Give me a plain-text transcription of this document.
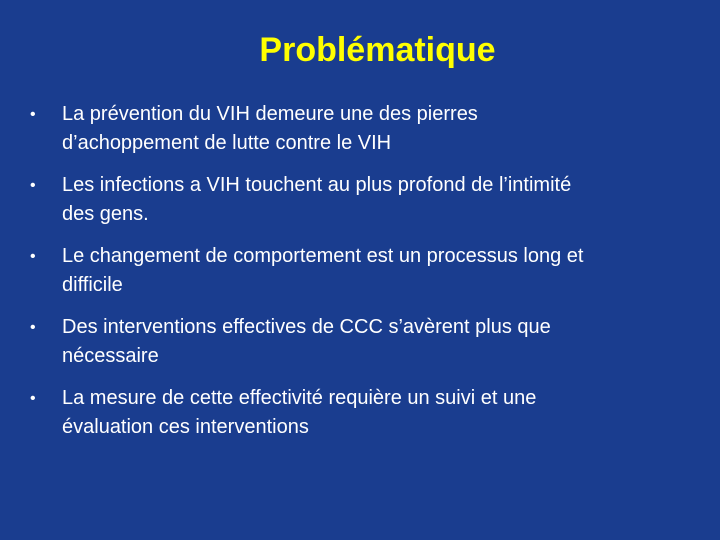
Problématique
• La prévention du VIH demeure une des pierres
d’achoppement de lutte contre le VIH
• Les infections a VIH touchent au plus profond de l’intimité
des gens.
• Le changement de comportement est un processus long et
difficile
• Des interventions effectives de CCC s’avèrent plus que
nécessaire
• La mesure de cette effectivité requière un suivi et une
évaluation ces interventions
